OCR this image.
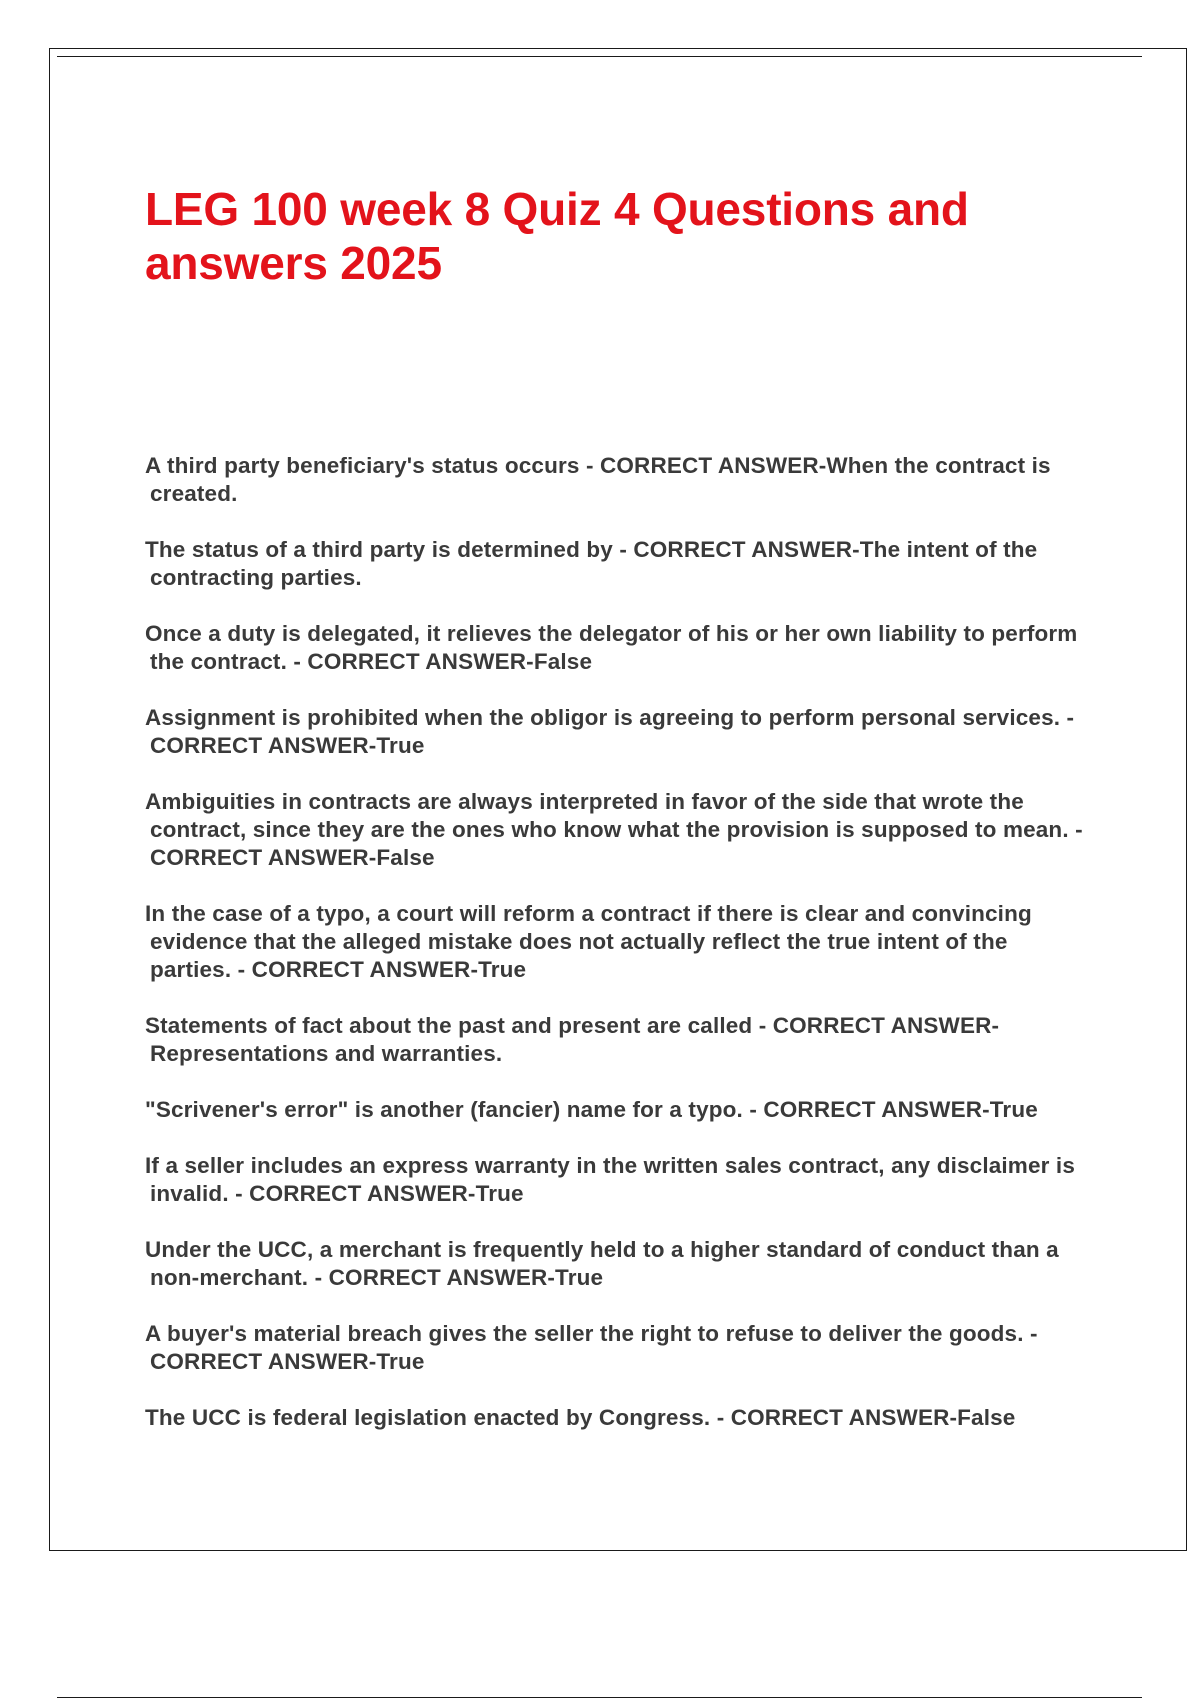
LEG 100 week 8 Quiz 4 Questions and answers 2025
A third party beneficiary's status occurs - CORRECT ANSWER-When the contract is created.
The status of a third party is determined by - CORRECT ANSWER-The intent of the contracting parties.
Once a duty is delegated, it relieves the delegator of his or her own liability to perform the contract. - CORRECT ANSWER-False
Assignment is prohibited when the obligor is agreeing to perform personal services. - CORRECT ANSWER-True
Ambiguities in contracts are always interpreted in favor of the side that wrote the contract, since they are the ones who know what the provision is supposed to mean. - CORRECT ANSWER-False
In the case of a typo, a court will reform a contract if there is clear and convincing evidence that the alleged mistake does not actually reflect the true intent of the parties. - CORRECT ANSWER-True
Statements of fact about the past and present are called - CORRECT ANSWER-Representations and warranties.
"Scrivener's error" is another (fancier) name for a typo. - CORRECT ANSWER-True
If a seller includes an express warranty in the written sales contract, any disclaimer is invalid. - CORRECT ANSWER-True
Under the UCC, a merchant is frequently held to a higher standard of conduct than a non-merchant. - CORRECT ANSWER-True
A buyer's material breach gives the seller the right to refuse to deliver the goods. - CORRECT ANSWER-True
The UCC is federal legislation enacted by Congress. - CORRECT ANSWER-False
